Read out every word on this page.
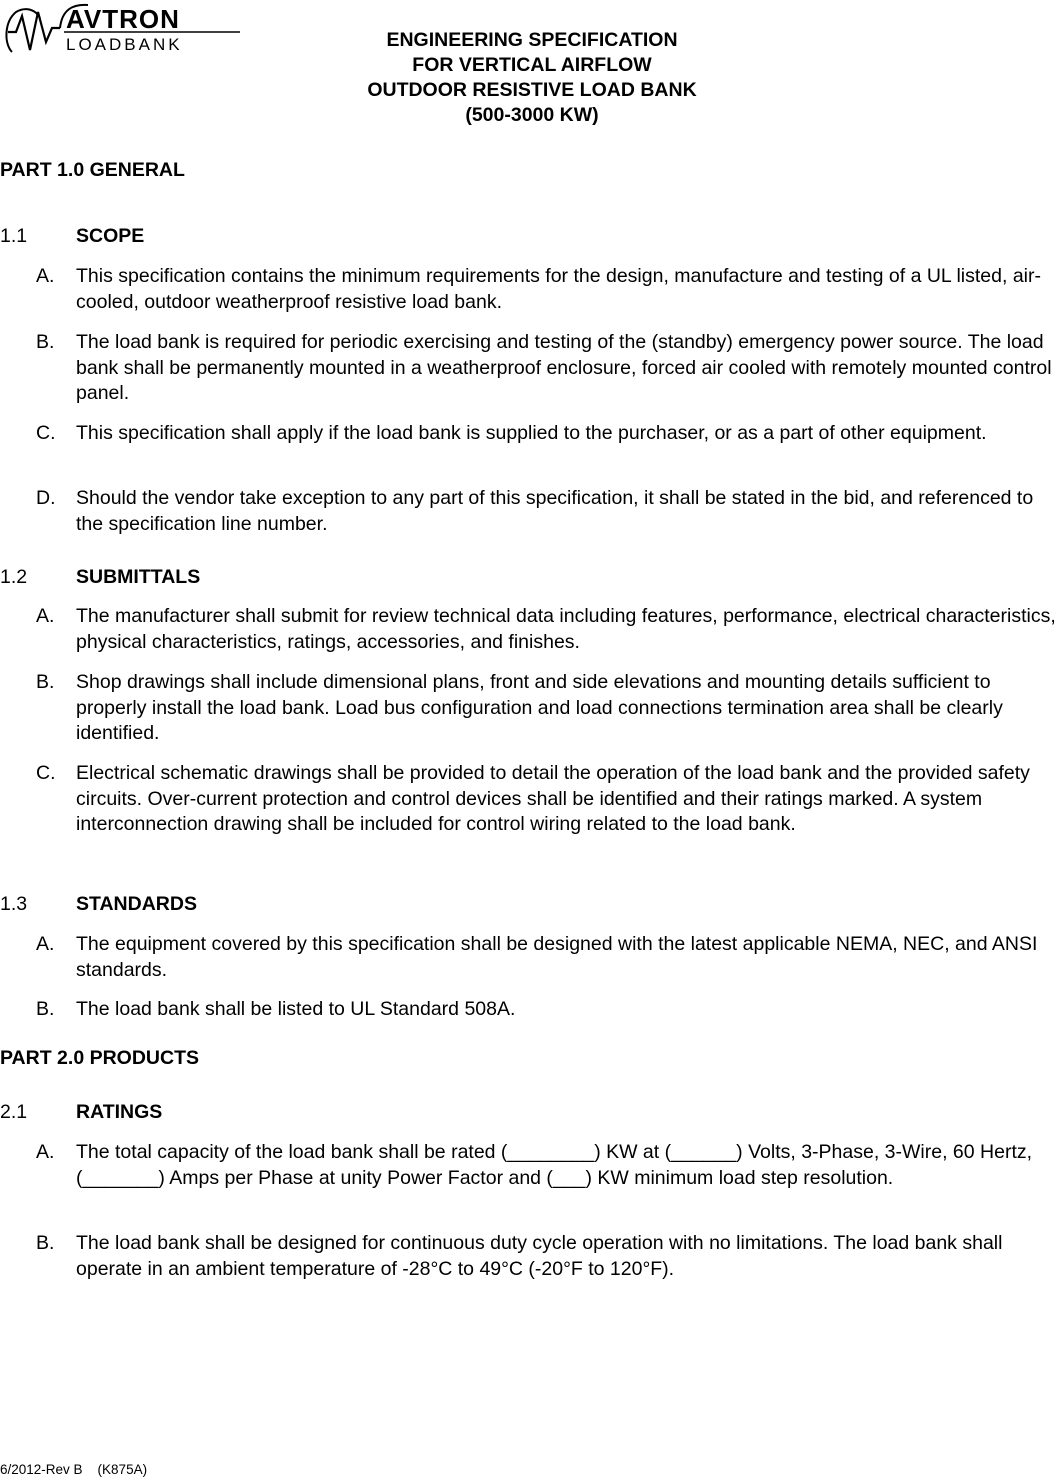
AVTRON
LOADBANK	ENGINEERING SPECIFICATION
FOR VERTICAL AIRFLOW
OUTDOOR RESISTIVE LOAD BANK
(500-3000 KW)
PART 1.0 GENERAL
1.1	SCOPE
A. This specification contains the minimum requirements for the design, manufacture and testing of a UL listed, air-cooled, outdoor weatherproof resistive load bank.
B. The load bank is required for periodic exercising and testing of the (standby) emergency power source. The load bank shall be permanently mounted in a weatherproof enclosure, forced air cooled with remotely mounted control panel.
C. This specification shall apply if the load bank is supplied to the purchaser, or as a part of other equipment.
D. Should the vendor take exception to any part of this specification, it shall be stated in the bid, and referenced to the specification line number.
1.2	SUBMITTALS
A. The manufacturer shall submit for review technical data including features, performance, electrical characteristics, physical characteristics, ratings, accessories, and finishes.
B. Shop drawings shall include dimensional plans, front and side elevations and mounting details sufficient to properly install the load bank. Load bus configuration and load connections termination area shall be clearly identified.
C. Electrical schematic drawings shall be provided to detail the operation of the load bank and the provided safety circuits. Over-current protection and control devices shall be identified and their ratings marked. A system interconnection drawing shall be included for control wiring related to the load bank.
1.3	STANDARDS
A. The equipment covered by this specification shall be designed with the latest applicable NEMA, NEC, and ANSI standards.
B. The load bank shall be listed to UL Standard 508A.
PART 2.0 PRODUCTS
2.1	RATINGS
A. The total capacity of the load bank shall be rated (________) KW at (______) Volts, 3-Phase, 3-Wire, 60 Hertz, (_______) Amps per Phase at unity Power Factor and (___) KW minimum load step resolution.
B. The load bank shall be designed for continuous duty cycle operation with no limitations. The load bank shall operate in an ambient temperature of -28°C to 49°C (-20°F to 120°F).
6/2012-Rev B    (K875A)
